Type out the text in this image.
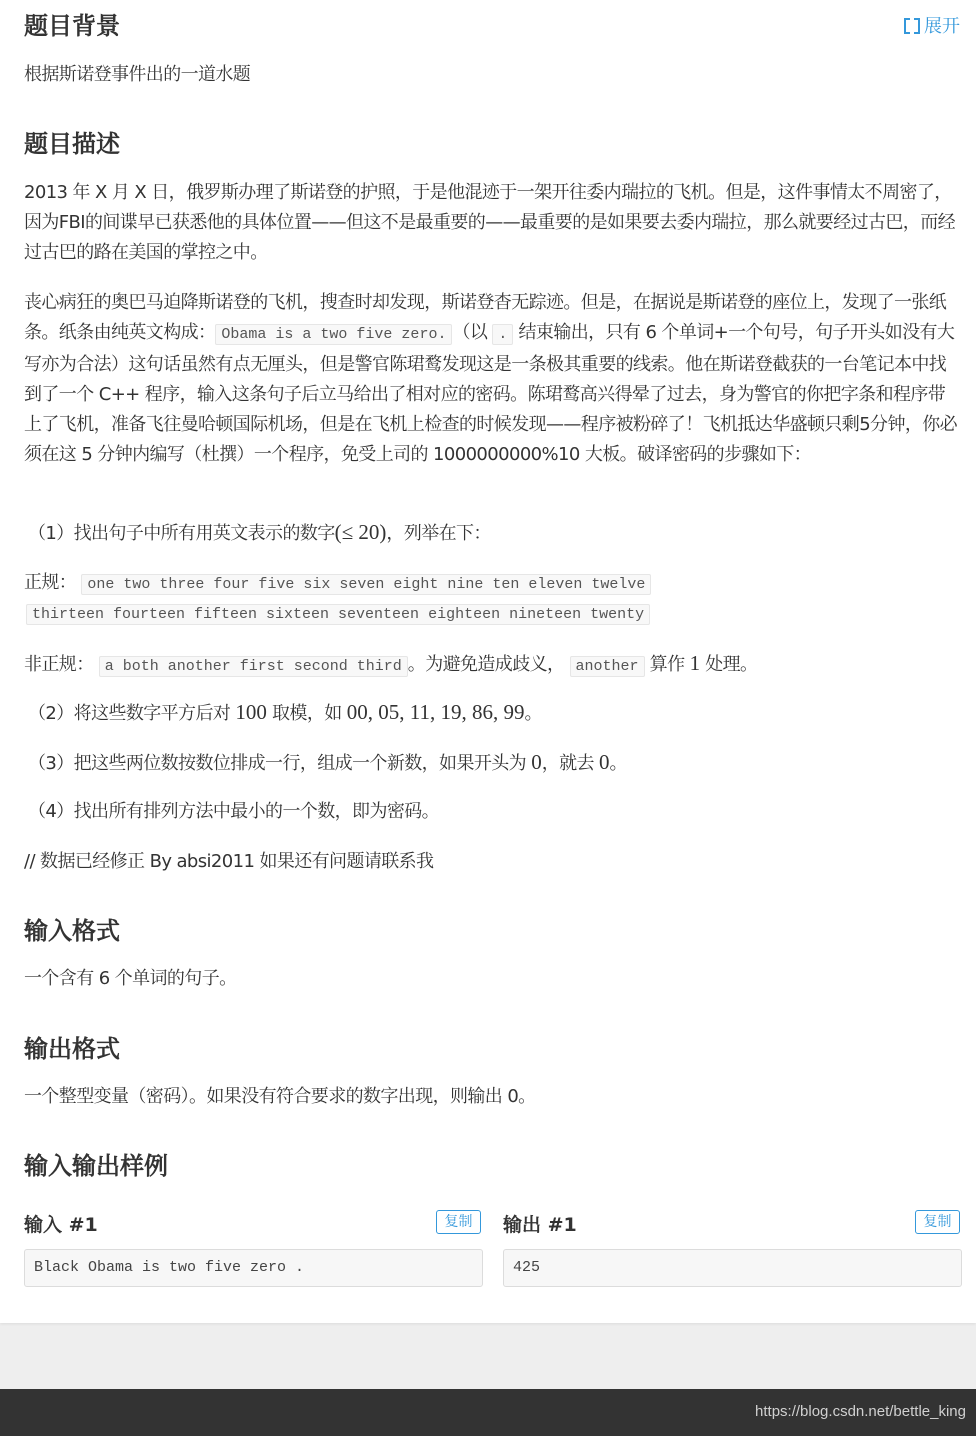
展开
题目背景

根据斯诺登事件出的一道水题

题目描述

2013 年 X 月 X 日，俄罗斯办理了斯诺登的护照，于是他混迹于一架开往委内瑞拉的飞机。但是，这件事情太不周密了，因为FBI的间谍早已获悉他的具体位置——但这不是最重要的——最重要的是如果要去委内瑞拉，那么就要经过古巴，而经过古巴的路在美国的掌控之中。

丧心病狂的奥巴马迫降斯诺登的飞机，搜查时却发现，斯诺登杳无踪迹。但是，在据说是斯诺登的座位上，发现了一张纸条。纸条由纯英文构成： Obama is a two five zero. （以 . 结束输出，只有 6 个单词+一个句号，句子开头如没有大写亦为合法）这句话虽然有点无厘头，但是警官陈珺鹜发现这是一条极其重要的线索。他在斯诺登截获的一台笔记本中找到了一个 C++ 程序，输入这条句子后立马给出了相对应的密码。陈珺鹜高兴得晕了过去，身为警官的你把字条和程序带上了飞机，准备飞往曼哈顿国际机场，但是在飞机上检查的时候发现——程序被粉碎了！飞机抵达华盛顿只剩5分钟，你必须在这 5 分钟内编写（杜撰）一个程序，免受上司的 1000000000%10 大板。破译密码的步骤如下：

（1）找出句子中所有用英文表示的数字(≤ 20)，列举在下：

正规： one two three four five six seven eight nine ten eleven twelve

thirteen fourteen fifteen sixteen seventeen eighteen nineteen twenty

非正规： a both another first second third 。为避免造成歧义， another 算作 1 处理。

（2）将这些数字平方后对 100 取模，如 00, 05, 11, 19, 86, 99。

（3）把这些两位数按数位排成一行，组成一个新数，如果开头为 0，就去 0。

（4）找出所有排列方法中最小的一个数，即为密码。

// 数据已经修正 By absi2011 如果还有问题请联系我

输入格式

一个含有 6 个单词的句子。

输出格式

一个整型变量（密码）。如果没有符合要求的数字出现，则输出 0。

输入输出样例
输入 #1	复制
Black Obama is two five zero .
输出 #1	复制
425
https://blog.csdn.net/bettle_king
